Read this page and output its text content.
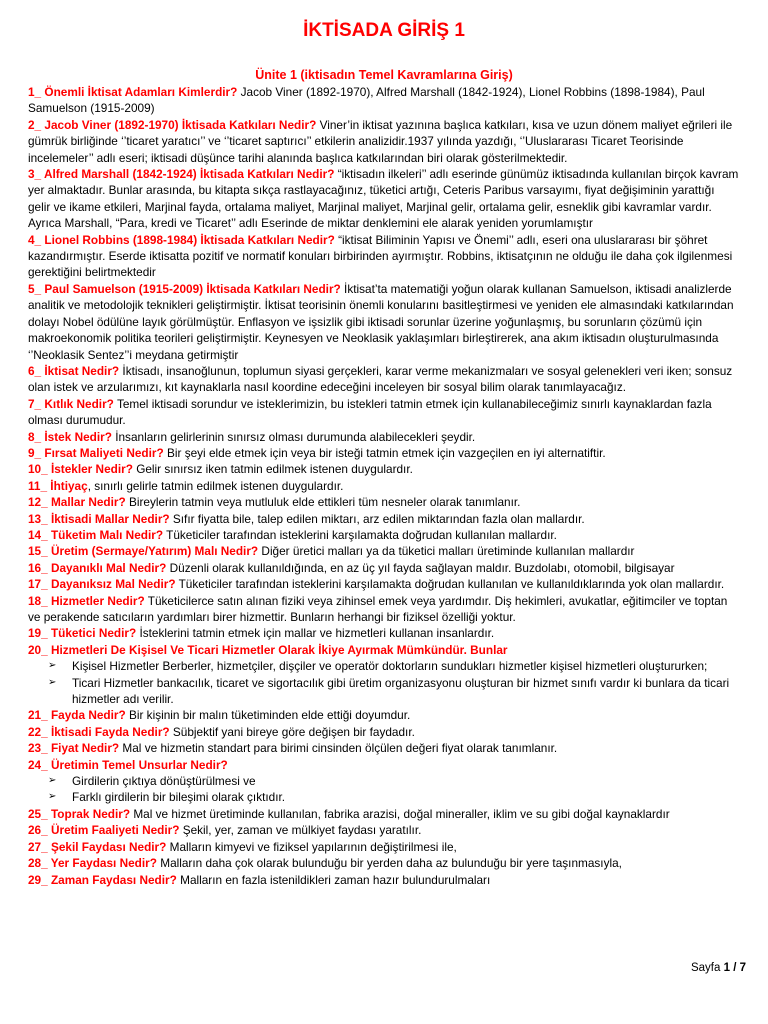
İKTİSADA GİRİŞ 1
Ünite 1 (iktisadın Temel Kavramlarına Giriş)
1_ Önemli İktisat Adamları Kimlerdir? Jacob Viner (1892-1970), Alfred Marshall (1842-1924), Lionel Robbins (1898-1984), Paul Samuelson (1915-2009)
2_ Jacob Viner (1892-1970) İktisada Katkıları Nedir? Viner’in iktisat yazınına başlıca katkıları, kısa ve uzun dönem maliyet eğrileri ile gümrük birliğinde ‘’ticaret yaratıcı’’ ve ‘’ticaret saptırıcı’’ etkilerin analizidir.1937 yılında yazdığı, ‘’Uluslararası Ticaret Teorisinde incelemeler’’ adlı eseri; iktisadi düşünce tarihi alanında başlıca katkılarından biri olarak gösterilmektedir.
3_ Alfred Marshall (1842-1924) İktisada Katkıları Nedir? “iktisadın ilkeleri’’ adlı eserinde günümüz iktisadında kullanılan birçok kavram yer almaktadır. Bunlar arasında, bu kitapta sıkça rastlayacağınız, tüketici artığı, Ceteris Paribus varsayımı, fiyat değişiminin yarattığı gelir ve ikame etkileri, Marjinal fayda, ortalama maliyet, Marjinal maliyet, Marjinal gelir, ortalama gelir, esneklik gibi kavramlar vardır. Ayrıca Marshall, “Para, kredi ve Ticaret’’ adlı Eserinde de miktar denklemini ele alarak yeniden yorumlamıştır
4_ Lionel Robbins (1898-1984) İktisada Katkıları Nedir? “iktisat Biliminin Yapısı ve Önemi’’ adlı, eseri ona uluslararası bir şöhret kazandırmıştır. Eserde iktisatta pozitif ve normatif konuları birbirinden ayırmıştır. Robbins, iktisatçının ne olduğu ile daha çok ilgilenmesi gerektiğini belirtmektedir
5_ Paul Samuelson (1915-2009) İktisada Katkıları Nedir? İktisat’ta matematiği yoğun olarak kullanan Samuelson, iktisadi analizlerde analitik ve metodolojik teknikleri geliştirmiştir. İktisat teorisinin önemli konularını basitleştirmesi ve yeniden ele almasındaki katkılarından dolayı Nobel ödülüne layık görülmüştür. Enflasyon ve işsizlik gibi iktisadi sorunlar üzerine yoğunlaşmış, bu sorunların çözümü için makroekonomik politika teorileri geliştirmiştir. Keynesyen ve Neoklasik yaklaşımları birleştirerek, ana akım iktisadın oluşturulmasında ‘’Neoklasik Sentez’’i meydana getirmiştir
6_ İktisat Nedir? İktisadı, insanoğlunun, toplumun siyasi gerçekleri, karar verme mekanizmaları ve sosyal gelenekleri veri iken; sonsuz olan istek ve arzularımızı, kıt kaynaklarla nasıl koordine edeceğini inceleyen bir sosyal bilim olarak tanımlayacağız.
7_ Kıtlık Nedir? Temel iktisadi sorundur ve isteklerimizin, bu istekleri tatmin etmek için kullanabileceğimiz sınırlı kaynaklardan fazla olması durumudur.
8_ İstek Nedir? İnsanların gelirlerinin sınırsız olması durumunda alabilecekleri şeydir.
9_ Fırsat Maliyeti Nedir? Bir şeyi elde etmek için veya bir isteği tatmin etmek için vazgeçilen en iyi alternatiftir.
10_ İstekler Nedir? Gelir sınırsız iken tatmin edilmek istenen duygulardır.
11_ İhtiyaç, sınırlı gelirle tatmin edilmek istenen duygulardır.
12_ Mallar Nedir? Bireylerin tatmin veya mutluluk elde ettikleri tüm nesneler olarak tanımlanır.
13_ İktisadi Mallar Nedir? Sıfır fiyatta bile, talep edilen miktarı, arz edilen miktarından fazla olan mallardır.
14_ Tüketim Malı Nedir? Tüketiciler tarafından isteklerini karşılamakta doğrudan kullanılan mallardır.
15_ Üretim (Sermaye/Yatırım) Malı Nedir? Diğer üretici malları ya da tüketici malları üretiminde kullanılan mallardır
16_ Dayanıklı Mal Nedir? Düzenli olarak kullanıldığında, en az üç yıl fayda sağlayan maldır. Buzdolabı, otomobil, bilgisayar
17_ Dayanıksız Mal Nedir? Tüketiciler tarafından isteklerini karşılamakta doğrudan kullanılan ve kullanıldıklarında yok olan mallardır.
18_ Hizmetler Nedir? Tüketicilerce satın alınan fiziki veya zihinsel emek veya yardımdır. Diş hekimleri, avukatlar, eğitimciler ve toptan ve perakende satıcıların yardımları birer hizmettir. Bunların herhangi bir fiziksel özelliği yoktur.
19_ Tüketici Nedir? İsteklerini tatmin etmek için mallar ve hizmetleri kullanan insanlardır.
20_ Hizmetleri De Kişisel Ve Ticari Hizmetler Olarak İkiye Ayırmak Mümkündür. Bunlar
➢ Kişisel Hizmetler Berberler, hizmetçiler, dişçiler ve operatör doktorların sundukları hizmetler kişisel hizmetleri oluştururken;
➢ Ticari Hizmetler bankacılık, ticaret ve sigortacılık gibi üretim organizasyonu oluşturan bir hizmet sınıfı vardır ki bunlara da ticari hizmetler adı verilir.
21_ Fayda Nedir? Bir kişinin bir malın tüketiminden elde ettiği doyumdur.
22_ İktisadi Fayda Nedir? Sübjektif yani bireye göre değişen bir faydadır.
23_ Fiyat Nedir? Mal ve hizmetin standart para birimi cinsinden ölçülen değeri fiyat olarak tanımlanır.
24_ Üretimin Temel Unsurlar Nedir?
➢ Girdilerin çıktıya dönüştürülmesi ve
➢ Farklı girdilerin bir bileşimi olarak çıktıdır.
25_ Toprak Nedir? Mal ve hizmet üretiminde kullanılan, fabrika arazisi, doğal mineraller, iklim ve su gibi doğal kaynaklardır
26_ Üretim Faaliyeti Nedir? Şekil, yer, zaman ve mülkiyet faydası yaratılır.
27_ Şekil Faydası Nedir? Malların kimyevi ve fiziksel yapılarının değiştirilmesi ile,
28_ Yer Faydası Nedir? Malların daha çok olarak bulunduğu bir yerden daha az bulunduğu bir yere taşınmasıyla,
29_ Zaman Faydası Nedir? Malların en fazla istenildikleri zaman hazır bulundurulmaları
Sayfa 1 / 7
